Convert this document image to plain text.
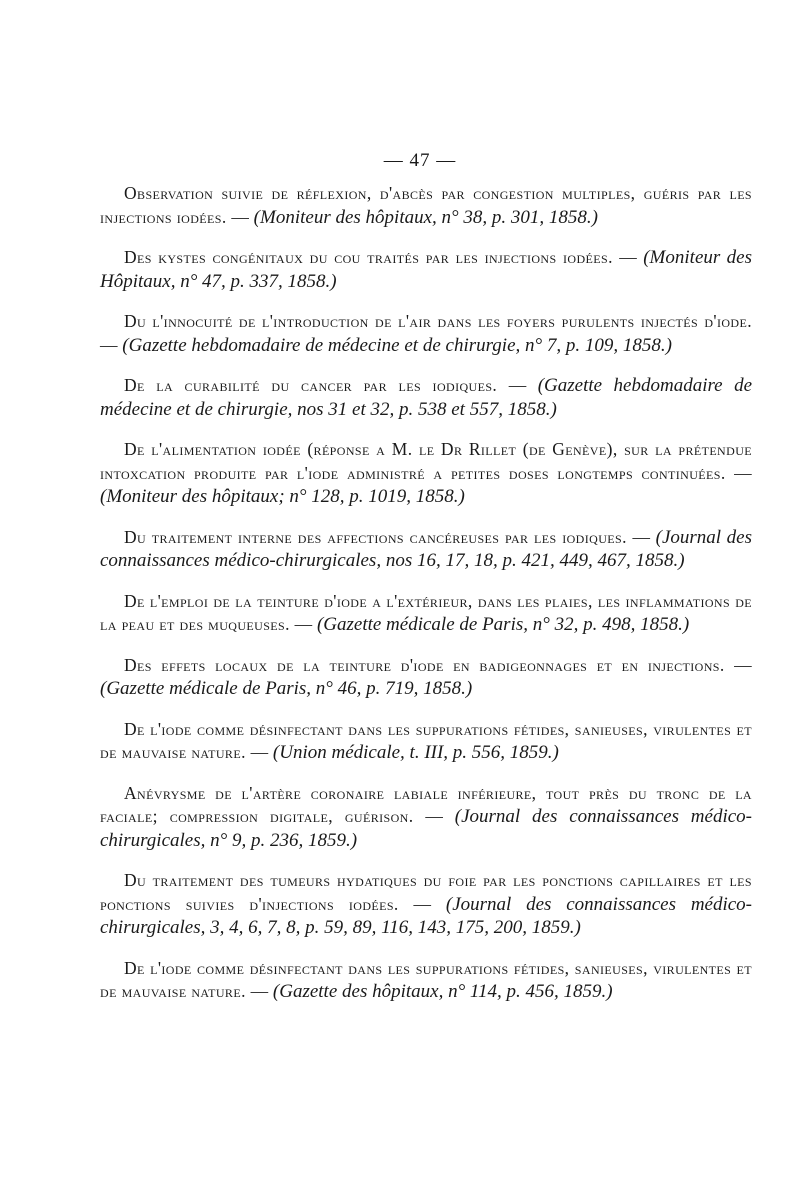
— 47 —

Observation suivie de réflexion, d'abcès par congestion multiples, guéris par les injections iodées. — (Moniteur des hôpitaux, n° 38, p. 301, 1858.)

Des kystes congénitaux du cou traités par les injections iodées. — (Moniteur des Hôpitaux, n° 47, p. 337, 1858.)

Du l'innocuité de l'introduction de l'air dans les foyers purulents injectés d'iode. — (Gazette hebdomadaire de médecine et de chirurgie, n° 7, p. 109, 1858.)

De la curabilité du cancer par les iodiques. — (Gazette hebdomadaire de médecine et de chirurgie, nos 31 et 32, p. 538 et 557, 1858.)

De l'alimentation iodée (réponse a M. le Dr Rillet (de Genève), sur la prétendue intoxcation produite par l'iode administré a petites doses longtemps continuées. — (Moniteur des hôpitaux; n° 128, p. 1019, 1858.)

Du traitement interne des affections cancéreuses par les iodiques. — (Journal des connaissances médico-chirurgicales, nos 16, 17, 18, p. 421, 449, 467, 1858.)

De l'emploi de la teinture d'iode a l'extérieur, dans les plaies, les inflammations de la peau et des muqueuses. — (Gazette médicale de Paris, n° 32, p. 498, 1858.)

Des effets locaux de la teinture d'iode en badigeonnages et en injections. — (Gazette médicale de Paris, n° 46, p. 719, 1858.)

De l'iode comme désinfectant dans les suppurations fétides, sanieuses, virulentes et de mauvaise nature. — (Union médicale, t. III, p. 556, 1859.)

Anévrysme de l'artère coronaire labiale inférieure, tout près du tronc de la faciale; compression digitale, guérison. — (Journal des connaissances médico-chirurgicales, n° 9, p. 236, 1859.)

Du traitement des tumeurs hydatiques du foie par les ponctions capillaires et les ponctions suivies d'injections iodées. — (Journal des connaissances médico-chirurgicales, 3, 4, 6, 7, 8, p. 59, 89, 116, 143, 175, 200, 1859.)

De l'iode comme désinfectant dans les suppurations fétides, sanieuses, virulentes et de mauvaise nature. — (Gazette des hôpitaux, n° 114, p. 456, 1859.)
